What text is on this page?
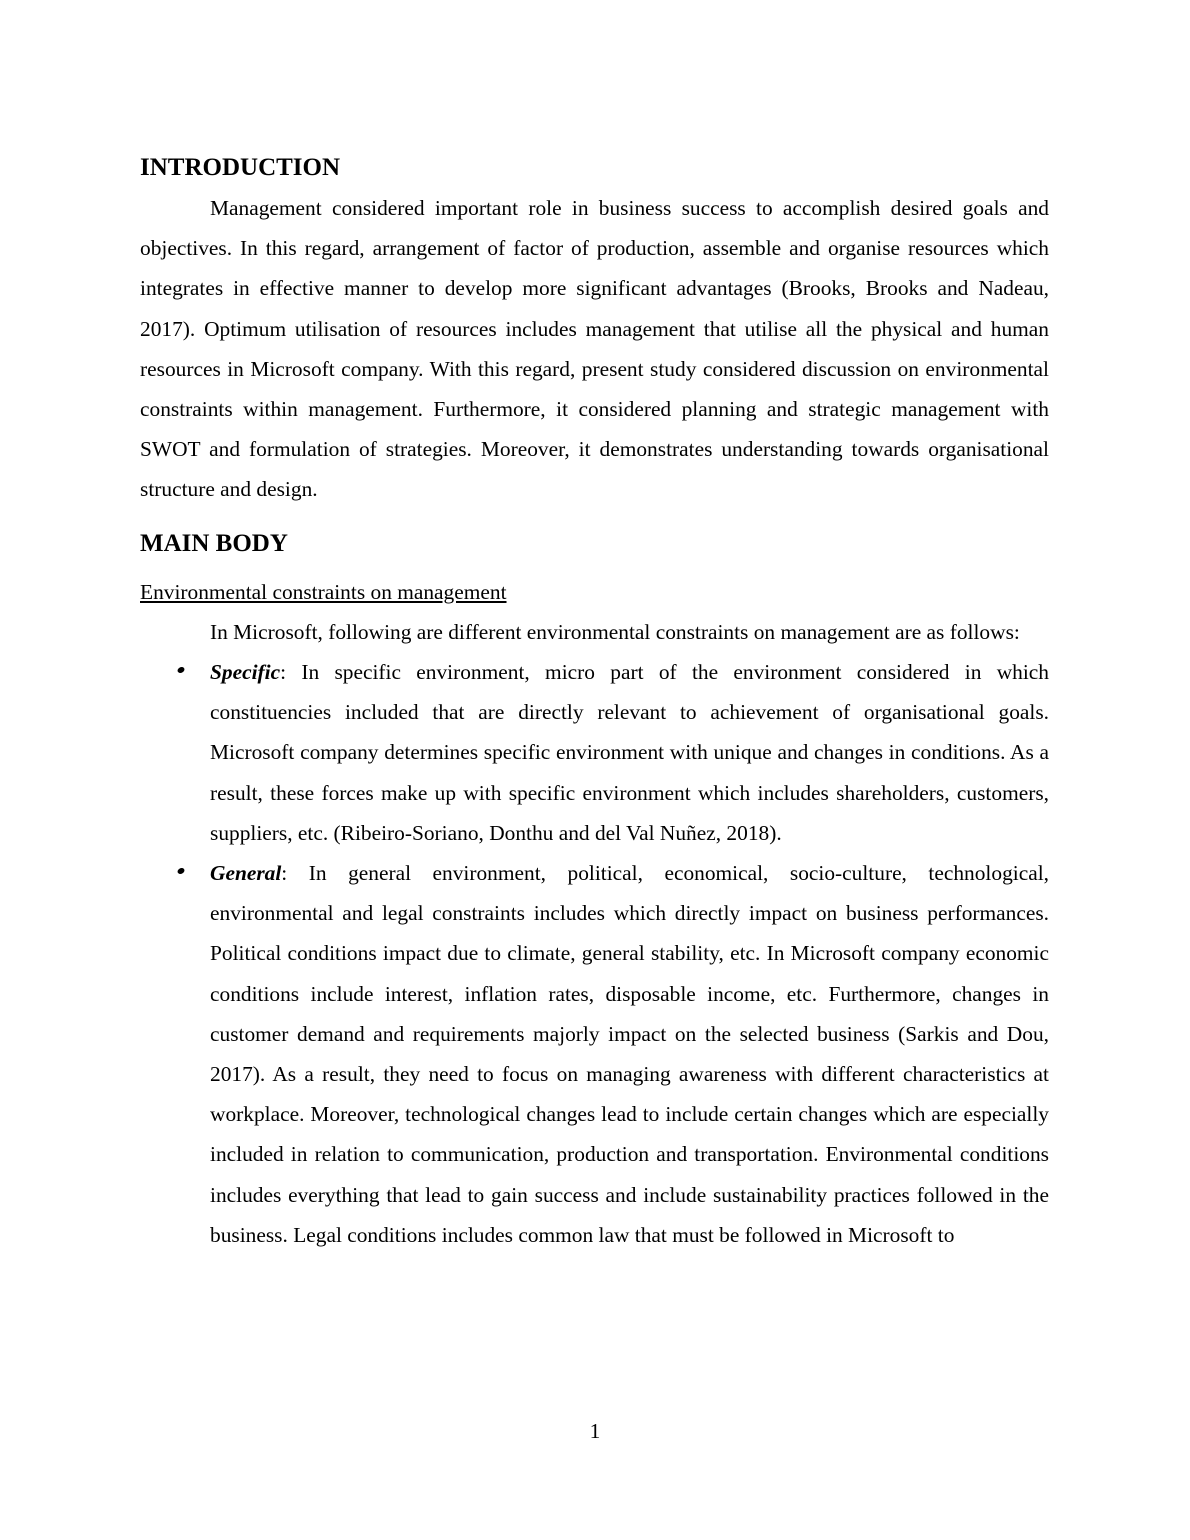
INTRODUCTION

Management considered important role in business success to accomplish desired goals and objectives. In this regard, arrangement of factor of production, assemble and organise resources which integrates in effective manner to develop more significant advantages (Brooks, Brooks and Nadeau, 2017). Optimum utilisation of resources includes management that utilise all the physical and human resources in Microsoft company. With this regard, present study considered discussion on environmental constraints within management. Furthermore, it considered planning and strategic management with SWOT and formulation of strategies. Moreover, it demonstrates understanding towards organisational structure and design.

MAIN BODY

Environmental constraints on management

In Microsoft, following are different environmental constraints on management are as follows:

Specific: In specific environment, micro part of the environment considered in which constituencies included that are directly relevant to achievement of organisational goals. Microsoft company determines specific environment with unique and changes in conditions. As a result, these forces make up with specific environment which includes shareholders, customers, suppliers, etc. (Ribeiro-Soriano, Donthu and del Val Nuñez, 2018).
General: In general environment, political, economical, socio-culture, technological, environmental and legal constraints includes which directly impact on business performances. Political conditions impact due to climate, general stability, etc. In Microsoft company economic conditions include interest, inflation rates, disposable income, etc. Furthermore, changes in customer demand and requirements majorly impact on the selected business (Sarkis and Dou, 2017). As a result, they need to focus on managing awareness with different characteristics at workplace. Moreover, technological changes lead to include certain changes which are especially included in relation to communication, production and transportation. Environmental conditions includes everything that lead to gain success and include sustainability practices followed in the business. Legal conditions includes common law that must be followed in Microsoft to
1
